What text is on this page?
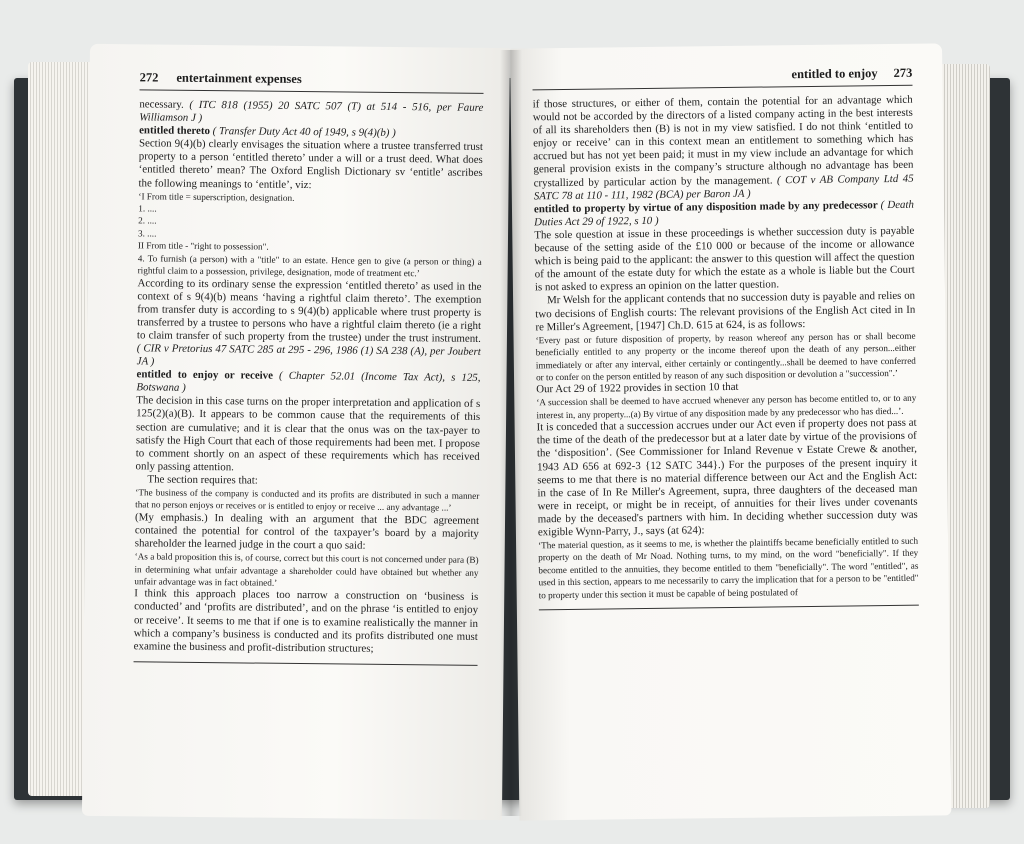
272 entertainment expenses

necessary. ( ITC 818 (1955) 20 SATC 507 (T) at 514 - 516, per Faure Williamson J )

entitled thereto ( Transfer Duty Act 40 of 1949, s 9(4)(b) )

Section 9(4)(b) clearly envisages the situation where a trustee transferred trust property to a person ‘entitled thereto’ under a will or a trust deed. What does ‘entitled thereto’ mean? The Oxford English Dictionary sv ‘entitle’ ascribes the following meanings to ‘entitle’, viz:

‘I From title = superscription, designation.

1. ....

2. ....

3. ....

II From title - "right to possession".

4. To furnish (a person) with a "title" to an estate. Hence gen to give (a person or thing) a rightful claim to a possession, privilege, designation, mode of treatment etc.’

According to its ordinary sense the expression ‘entitled thereto’ as used in the context of s 9(4)(b) means ‘having a rightful claim thereto’. The exemption from transfer duty is according to s 9(4)(b) applicable where trust property is transferred by a trustee to persons who have a rightful claim thereto (ie a right to claim transfer of such property from the trustee) under the trust instrument. ( CIR v Pretorius 47 SATC 285 at 295 - 296, 1986 (1) SA 238 (A), per Joubert JA )

entitled to enjoy or receive ( Chapter 52.01 (Income Tax Act), s 125, Botswana )

The decision in this case turns on the proper interpretation and application of s 125(2)(a)(B). It appears to be common cause that the requirements of this section are cumulative; and it is clear that the onus was on the tax-payer to satisfy the High Court that each of those requirements had been met. I propose to comment shortly on an aspect of these requirements which has received only passing attention.

The section requires that:

‘The business of the company is conducted and its profits are distributed in such a manner that no person enjoys or receives or is entitled to enjoy or receive ... any advantage ...’

(My emphasis.) In dealing with an argument that the BDC agreement contained the potential for control of the taxpayer’s board by a majority shareholder the learned judge in the court a quo said:

‘As a bald proposition this is, of course, correct but this court is not concerned under para (B) in determining what unfair advantage a shareholder could have obtained but whether any unfair advantage was in fact obtained.’

I think this approach places too narrow a construction on ‘business is conducted’ and ‘profits are distributed’, and on the phrase ‘is entitled to enjoy or receive’. It seems to me that if one is to examine realistically the manner in which a company’s business is conducted and its profits distributed one must examine the business and profit-distribution structures;

entitled to enjoy 273

if those structures, or either of them, contain the potential for an advantage which would not be accorded by the directors of a listed company acting in the best interests of all its shareholders then (B) is not in my view satisfied. I do not think ‘entitled to enjoy or receive’ can in this context mean an entitlement to something which has accrued but has not yet been paid; it must in my view include an advantage for which general provision exists in the company’s structure although no advantage has been crystallized by particular action by the management. ( COT v AB Company Ltd 45 SATC 78 at 110 - 111, 1982 (BCA) per Baron JA )

entitled to property by virtue of any disposition made by any predecessor ( Death Duties Act 29 of 1922, s 10 )

The sole question at issue in these proceedings is whether succession duty is payable because of the setting aside of the £10 000 or because of the income or allowance which is being paid to the applicant: the answer to this question will affect the question of the amount of the estate duty for which the estate as a whole is liable but the Court is not asked to express an opinion on the latter question.

Mr Welsh for the applicant contends that no succession duty is payable and relies on two decisions of English courts: The relevant provisions of the English Act cited in In re Miller's Agreement, [1947] Ch.D. 615 at 624, is as follows:

‘Every past or future disposition of property, by reason whereof any person has or shall become beneficially entitled to any property or the income thereof upon the death of any person...either immediately or after any interval, either certainly or contingently...shall be deemed to have conferred or to confer on the person entitled by reason of any such disposition or devolution a "succession".’

Our Act 29 of 1922 provides in section 10 that

‘A succession shall be deemed to have accrued whenever any person has become entitled to, or to any interest in, any property...(a) By virtue of any disposition made by any predecessor who has died...’.

It is conceded that a succession accrues under our Act even if property does not pass at the time of the death of the predecessor but at a later date by virtue of the provisions of the ‘disposition’. (See Commissioner for Inland Revenue v Estate Crewe & another, 1943 AD 656 at 692-3 {12 SATC 344}.) For the purposes of the present inquiry it seems to me that there is no material difference between our Act and the English Act: in the case of In Re Miller's Agreement, supra, three daughters of the deceased man were in receipt, or might be in receipt, of annuities for their lives under covenants made by the deceased's partners with him. In deciding whether succession duty was exigible Wynn-Parry, J., says (at 624):

‘The material question, as it seems to me, is whether the plaintiffs became beneficially entitled to such property on the death of Mr Noad. Nothing turns, to my mind, on the word "beneficially". If they become entitled to the annuities, they become entitled to them "beneficially". The word "entitled", as used in this section, appears to me necessarily to carry the implication that for a person to be "entitled" to property under this section it must be capable of being postulated of
